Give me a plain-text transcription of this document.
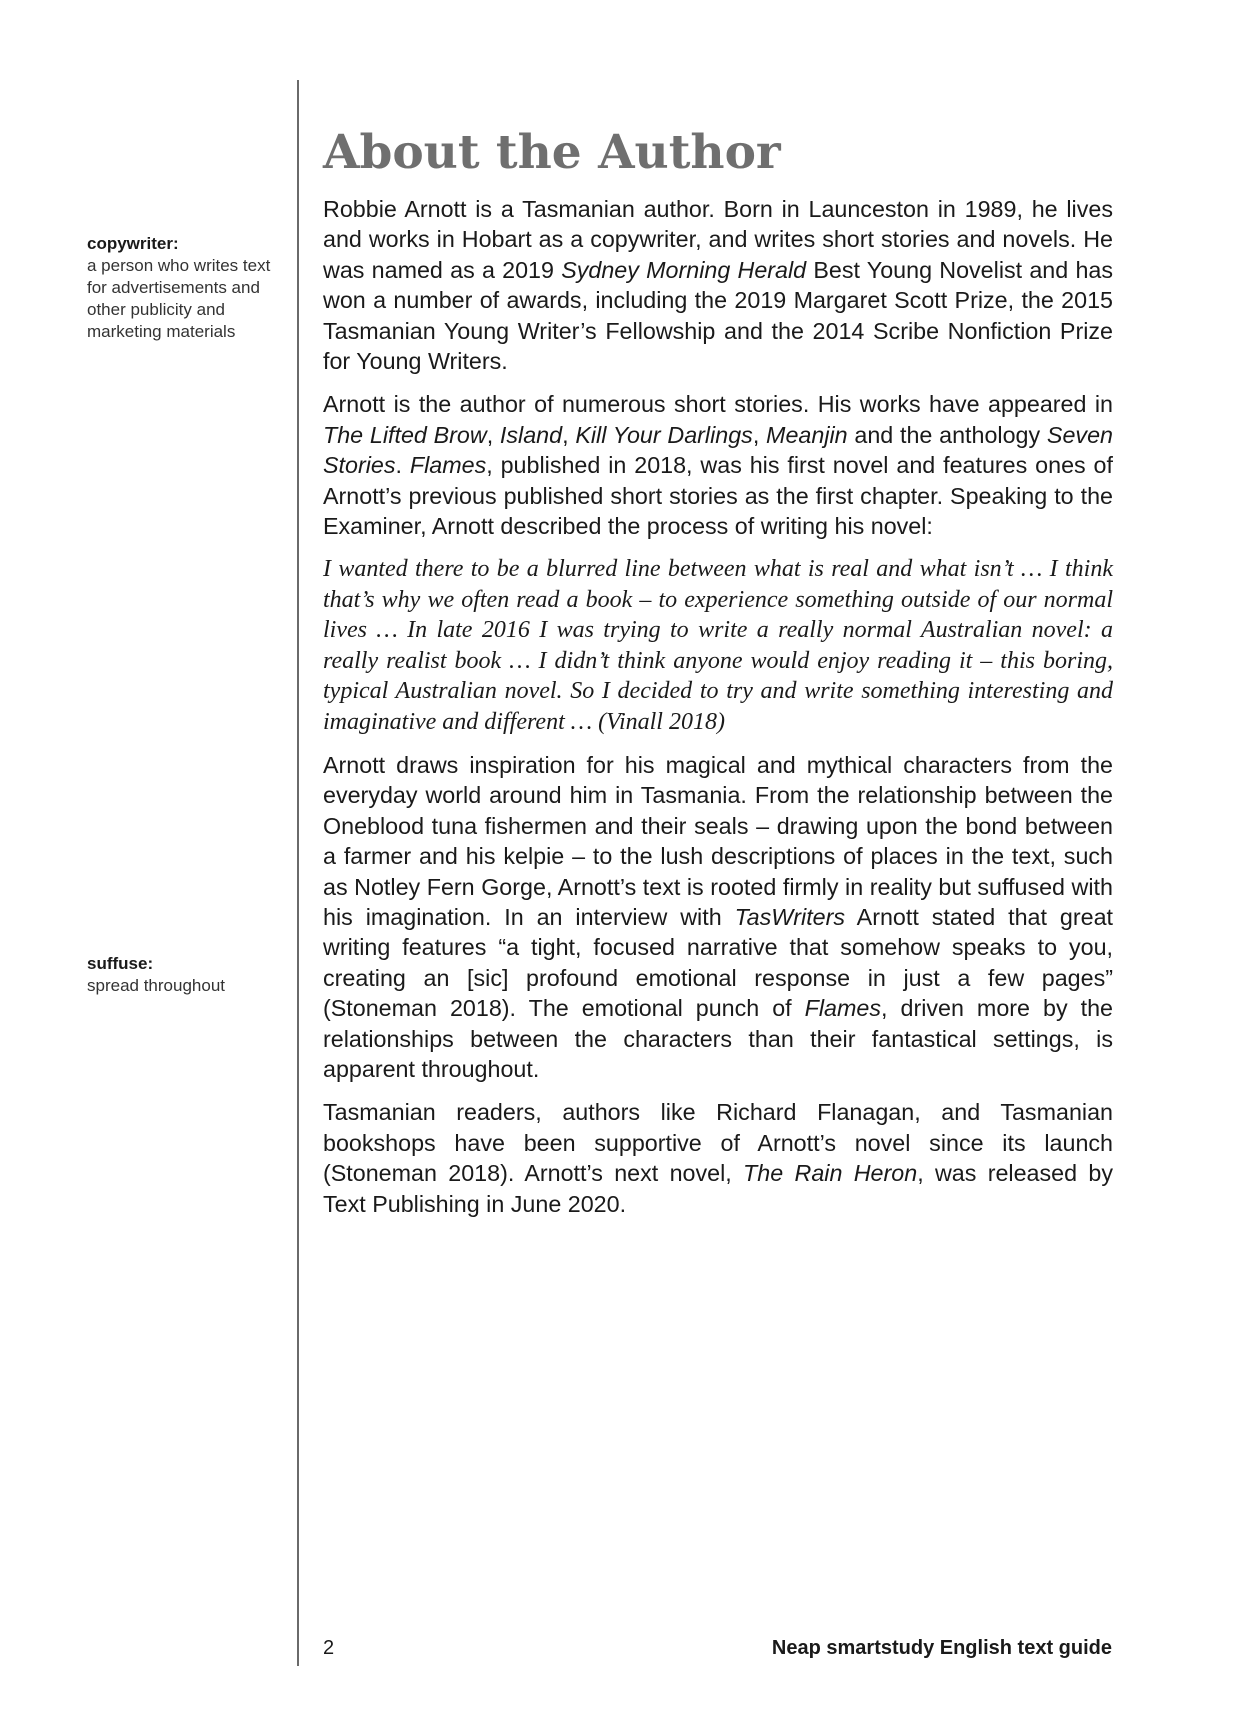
copywriter:
a person who writes text for advertisements and other publicity and marketing materials
suffuse:
spread throughout
About the Author

Robbie Arnott is a Tasmanian author. Born in Launceston in 1989, he lives and works in Hobart as a copywriter, and writes short stories and novels. He was named as a 2019 Sydney Morning Herald Best Young Novelist and has won a number of awards, including the 2019 Margaret Scott Prize, the 2015 Tasmanian Young Writer’s Fellowship and the 2014 Scribe Nonfiction Prize for Young Writers.

Arnott is the author of numerous short stories. His works have appeared in The Lifted Brow, Island, Kill Your Darlings, Meanjin and the anthology Seven Stories. Flames, published in 2018, was his first novel and features ones of Arnott’s previous published short stories as the first chapter. Speaking to the Examiner, Arnott described the process of writing his novel:

I wanted there to be a blurred line between what is real and what isn’t … I think that’s why we often read a book – to experience something outside of our normal lives … In late 2016 I was trying to write a really normal Australian novel: a really realist book … I didn’t think anyone would enjoy reading it – this boring, typical Australian novel. So I decided to try and write something interesting and imaginative and different … (Vinall 2018)

Arnott draws inspiration for his magical and mythical characters from the everyday world around him in Tasmania. From the relationship between the Oneblood tuna fishermen and their seals – drawing upon the bond between a farmer and his kelpie – to the lush descriptions of places in the text, such as Notley Fern Gorge, Arnott’s text is rooted firmly in reality but suffused with his imagination. In an interview with TasWriters Arnott stated that great writing features “a tight, focused narrative that somehow speaks to you, creating an [sic] profound emotional response in just a few pages” (Stoneman 2018). The emotional punch of Flames, driven more by the relationships between the characters than their fantastical settings, is apparent throughout.

Tasmanian readers, authors like Richard Flanagan, and Tasmanian bookshops have been supportive of Arnott’s novel since its launch (Stoneman 2018). Arnott’s next novel, The Rain Heron, was released by Text Publishing in June 2020.

2	Neap smartstudy English text guide
